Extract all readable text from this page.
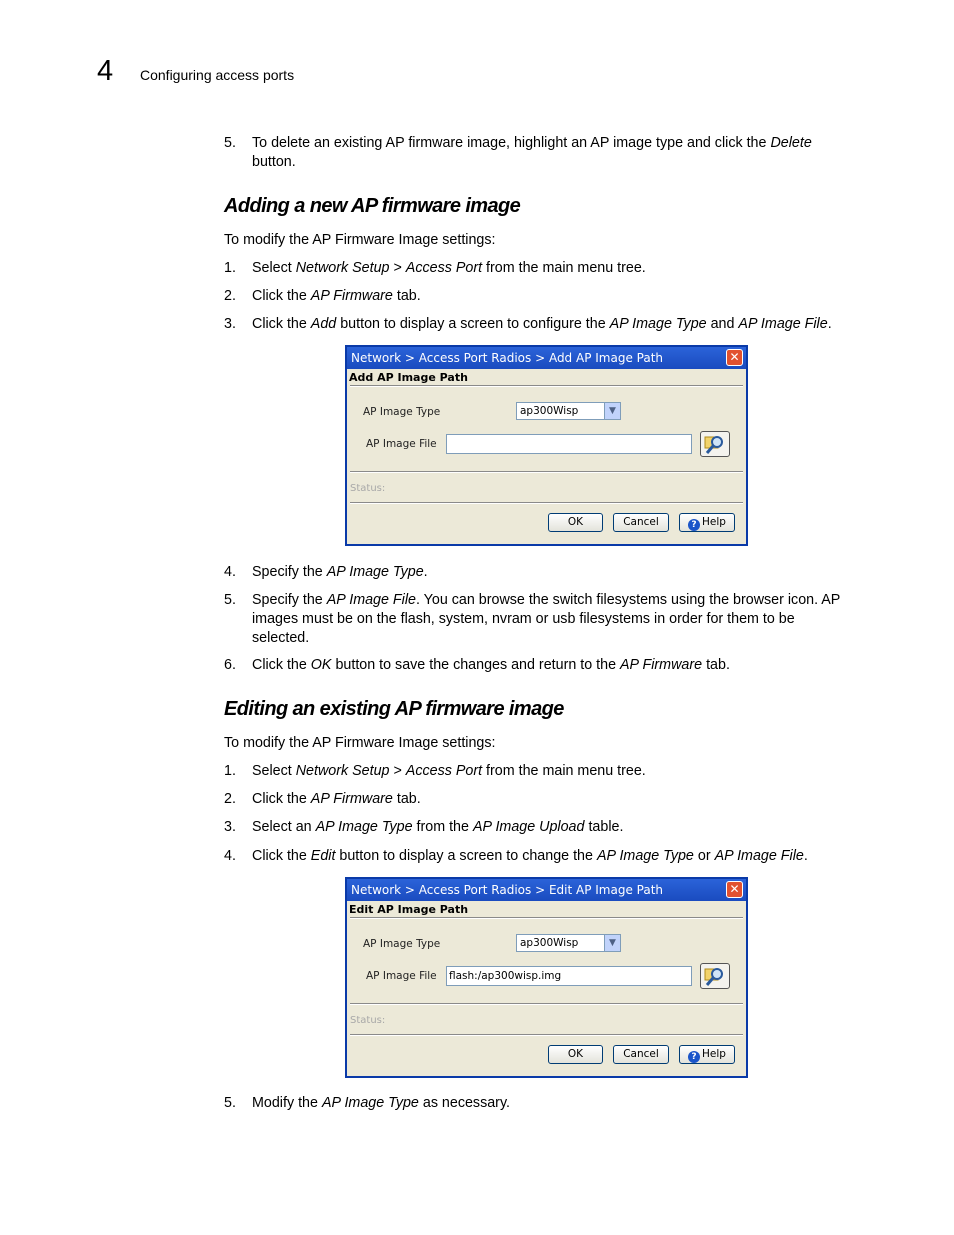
4 Configuring access ports
5. To delete an existing AP firmware image, highlight an AP image type and click the Delete
button.
Adding a new AP firmware image
To modify the AP Firmware Image settings:
1. Select Network Setup > Access Port from the main menu tree.
2. Click the AP Firmware tab.
3. Click the Add button to display a screen to configure the AP Image Type and AP Image File.
Network > Access Port Radios > Add AP Image Path	✕
Add AP Image Path
AP Image Type	ap300Wisp	▼
AP Image File
Status:
OK	Cancel	? Help
4. Specify the AP Image Type.
5. Specify the AP Image File. You can browse the switch filesystems using the browser icon. AP
images must be on the flash, system, nvram or usb filesystems in order for them to be
selected.
6. Click the OK button to save the changes and return to the AP Firmware tab.
Editing an existing AP firmware image
To modify the AP Firmware Image settings:
1. Select Network Setup > Access Port from the main menu tree.
2. Click the AP Firmware tab.
3. Select an AP Image Type from the AP Image Upload table.
4. Click the Edit button to display a screen to change the AP Image Type or AP Image File.
Network > Access Port Radios > Edit AP Image Path	✕
Edit AP Image Path
AP Image Type	ap300Wisp	▼
AP Image File flash:/ap300wisp.img
Status:
OK	Cancel	? Help
5. Modify the AP Image Type as necessary.
